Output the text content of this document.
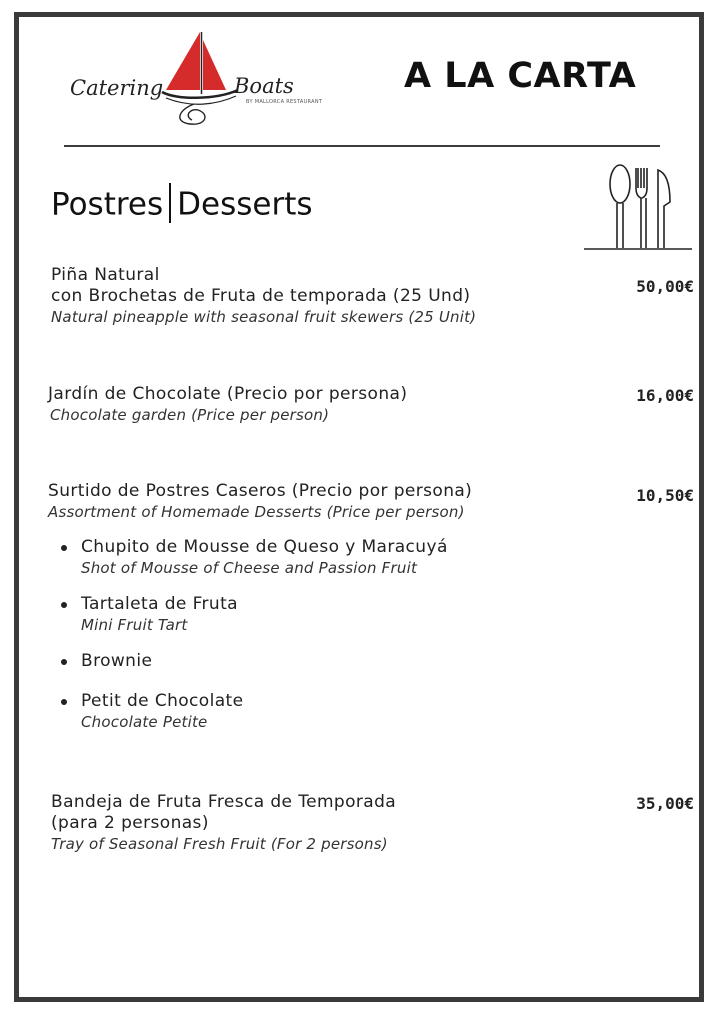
Catering	Boats
BY MALLORCA RESTAURANT
A LA CARTA
Postres Desserts
Piña Natural
con Brochetas de Fruta de temporada (25 Und)
Natural pineapple with seasonal fruit skewers (25 Unit)
50,00€
Jardín de Chocolate (Precio por persona)
Chocolate garden (Price per person)
16,00€
Surtido de Postres Caseros (Precio por persona)
Assortment of Homemade Desserts (Price per person)
10,50€
Chupito de Mousse de Queso y Maracuyá
Shot of Mousse of Cheese and Passion Fruit
Tartaleta de Fruta
Mini Fruit Tart
Brownie
Petit de Chocolate
Chocolate Petite
Bandeja de Fruta Fresca de Temporada
(para 2 personas)
Tray of Seasonal Fresh Fruit (For 2 persons)
35,00€
